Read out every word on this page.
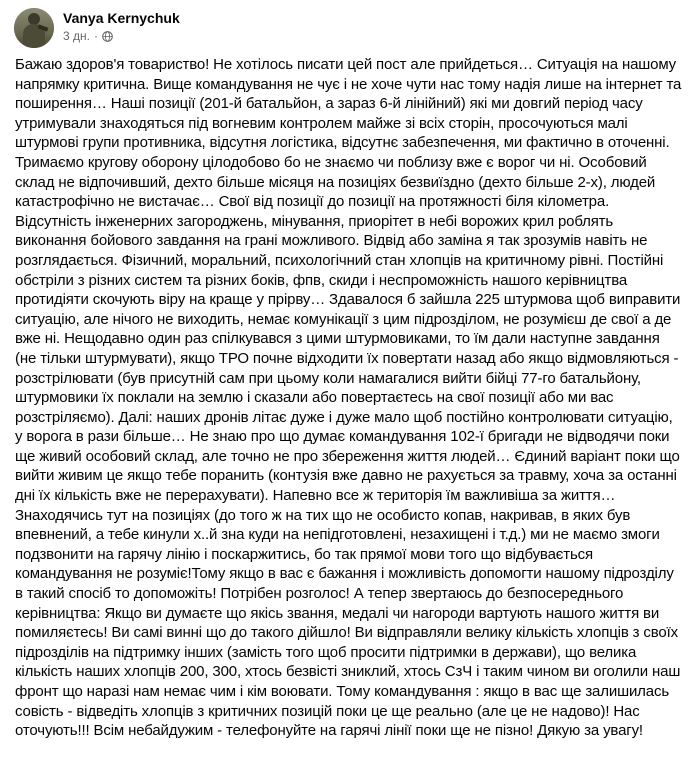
Vanya Kernychuk
3 дн. ·

Бажаю здоров'я товариство! Не хотілось писати цей пост але прийдеться… Ситуація на нашому

напрямку критична. Вище командування не чує і не хоче чути нас тому надія лише на інтернет та

поширення… Наші позиції (201-й батальйон, а зараз 6-й лінійний) які ми довгий період часу

утримували знаходяться під вогневим контролем майже зі всіх сторін, просочуються малі

штурмові групи противника, відсутня логістика, відсутнє забезпечення, ми фактично в оточенні.

Тримаємо кругову оборону цілодобово бо не знаємо чи поблизу вже є ворог чи ні. Особовий

склад не відпочивший, дехто більше місяця на позиціях безвиїздно (дехто більше 2-х), людей

катастрофічно не вистачає… Свої від позиції до позиції на протяжності біля кілометра.

Відсутність інженерних загороджень, мінування, приорітет в небі ворожих крил роблять

виконання бойового завдання на грані можливого. Відвід або заміна я так зрозумів навіть не

розглядається. Фізичний, моральний, психологічний стан хлопців на критичному рівні. Постійні

обстріли з різних систем та різних боків, фпв, скиди і неспроможність нашого керівництва

протидіяти скочують віру на краще у прірву… Здавалося б зайшла 225 штурмова щоб виправити

ситуацію, але нічого не виходить, немає комунікації з цим підрозділом, не розумієш де свої а де

вже ні. Нещодавно один раз спілкувався з цими штурмовиками, то їм дали наступне завдання

(не тільки штурмувати), якщо ТРО почне відходити їх повертати назад або якщо відмовляються -

розстрілювати (був присутній сам при цьому коли намагалися вийти бійці 77-го батальйону,

штурмовики їх поклали на землю і сказали або повертаєтесь на свої позиції або ми вас

розстріляємо). Далі: наших дронів літає дуже і дуже мало щоб постійно контролювати ситуацію,

у ворога в рази більше… Не знаю про що думає командування 102-ї бригади не відводячи поки

ще живий особовий склад, але точно не про збереження життя людей… Єдиний варіант поки що

вийти живим це якщо тебе поранить (контузія вже давно не рахується за травму, хоча за останні

дні їх кількість вже не перерахувати). Напевно все ж територія їм важливіша за життя…

Знаходячись тут на позиціях (до того ж на тих що не особисто копав, накривав, в яких був

впевнений, а тебе кинули х..й зна куди на непідготовлені, незахищені і т.д.) ми не маємо змоги

подзвонити на гарячу лінію і поскаржитись, бо так прямої мови того що відбувається

командування не розуміє!Тому якщо в вас є бажання і можливість допомогти нашому підрозділу

в такий спосіб то допоможіть! Потрібен розголос! А тепер звертаюсь до безпосереднього

керівництва: Якщо ви думаєте що якісь звання, медалі чи нагороди вартують нашого життя ви

помиляєтесь! Ви самі винні що до такого дійшло! Ви відправляли велику кількість хлопців з своїх

підрозділів на підтримку інших (замість того щоб просити підтримки в держави), що велика

кількість наших хлопців 200, 300, хтось безвісті зниклий, хтось СзЧ і таким чином ви оголили наш

фронт що наразі нам немає чим і кім воювати. Тому командування : якщо в вас ще залишилась

совість - відведіть хлопців з критичних позицій поки це ще реально (але це не надово)! Нас

оточують!!! Всім небайдужим - телефонуйте на гарячі лінії поки ще не пізно! Дякую за увагу!
